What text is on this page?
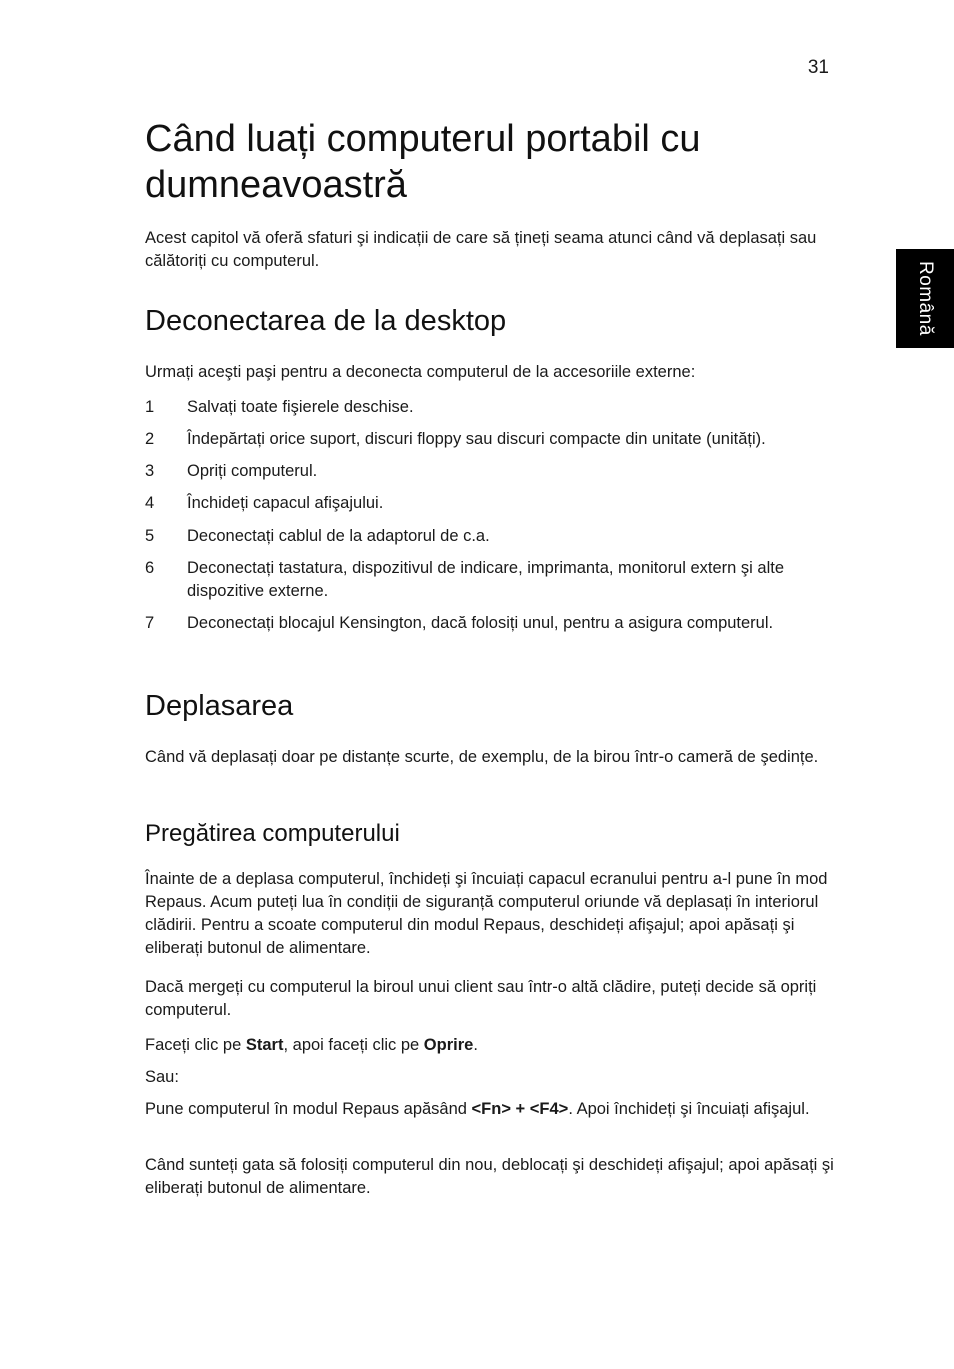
31
Română
Când luați computerul portabil cu dumneavoastră

Acest capitol vă oferă sfaturi şi indicații de care să țineți seama atunci când vă deplasați sau călătoriți cu computerul.

Deconectarea de la desktop

Urmați aceşti paşi pentru a deconecta computerul de la accesoriile externe:

1 Salvați toate fişierele deschise.
2 Îndepărtați orice suport, discuri floppy sau discuri compacte din unitate (unități).
3 Opriți computerul.
4 Închideți capacul afişajului.
5 Deconectați cablul de la adaptorul de c.a.
6 Deconectați tastatura, dispozitivul de indicare, imprimanta, monitorul extern şi alte dispozitive externe.
7 Deconectați blocajul Kensington, dacă folosiți unul, pentru a asigura computerul.
Deplasarea

Când vă deplasați doar pe distanțe scurte, de exemplu, de la birou într-o cameră de şedințe.

Pregătirea computerului

Înainte de a deplasa computerul, închideți şi încuiați capacul ecranului pentru a-l pune în mod Repaus. Acum puteți lua în condiții de siguranță computerul oriunde vă deplasați în interiorul clădirii. Pentru a scoate computerul din modul Repaus, deschideți afişajul; apoi apăsați şi eliberați butonul de alimentare.

Dacă mergeți cu computerul la biroul unui client sau într-o altă clădire, puteți decide să opriți computerul.

Faceți clic pe Start, apoi faceți clic pe Oprire.

Sau:

Pune computerul în modul Repaus apăsând <Fn> + <F4>. Apoi închideți şi încuiați afişajul.

Când sunteți gata să folosiți computerul din nou, deblocați şi deschideți afişajul; apoi apăsați şi eliberați butonul de alimentare.
